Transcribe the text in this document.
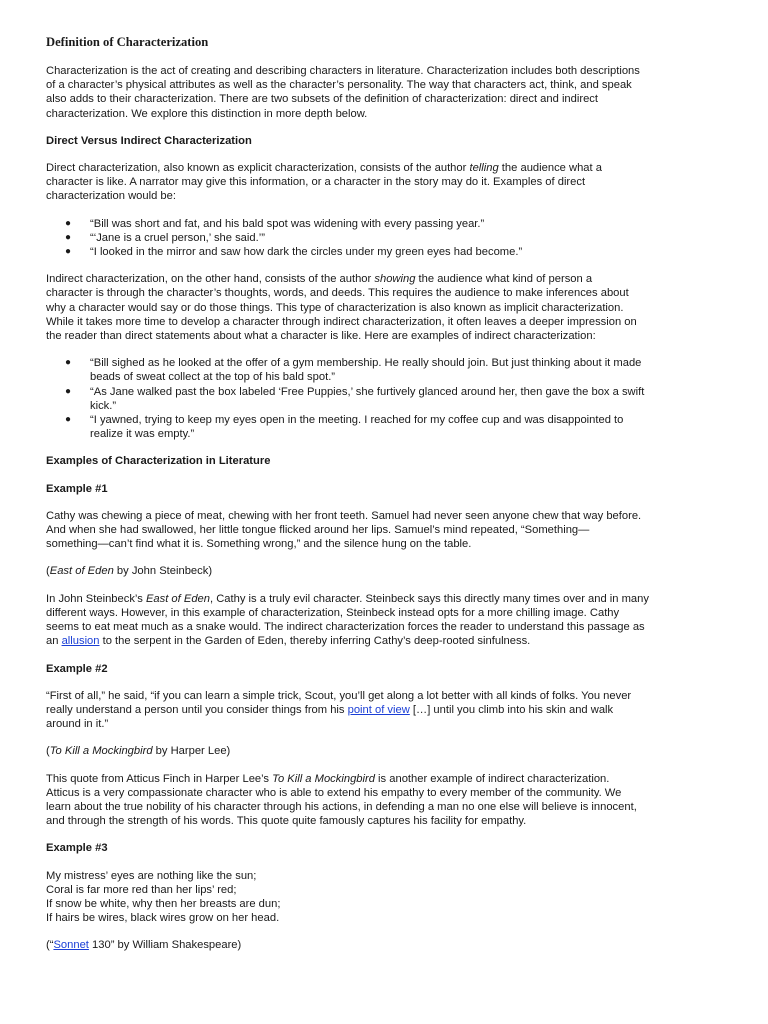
Definition of Characterization

Characterization is the act of creating and describing characters in literature. Characterization includes both descriptions
of a character’s physical attributes as well as the character’s personality. The way that characters act, think, and speak
also adds to their characterization. There are two subsets of the definition of characterization: direct and indirect
characterization. We explore this distinction in more depth below.

Direct Versus Indirect Characterization

Direct characterization, also known as explicit characterization, consists of the author telling the audience what a
character is like. A narrator may give this information, or a character in the story may do it. Examples of direct
characterization would be:

● “Bill was short and fat, and his bald spot was widening with every passing year.”
● “‘Jane is a cruel person,’ she said.’”
● “I looked in the mirror and saw how dark the circles under my green eyes had become.”

Indirect characterization, on the other hand, consists of the author showing the audience what kind of person a
character is through the character’s thoughts, words, and deeds. This requires the audience to make inferences about
why a character would say or do those things. This type of characterization is also known as implicit characterization.
While it takes more time to develop a character through indirect characterization, it often leaves a deeper impression on
the reader than direct statements about what a character is like. Here are examples of indirect characterization:

● “Bill sighed as he looked at the offer of a gym membership. He really should join. But just thinking about it made
beads of sweat collect at the top of his bald spot.”
● “As Jane walked past the box labeled ‘Free Puppies,’ she furtively glanced around her, then gave the box a swift
kick.”
● “I yawned, trying to keep my eyes open in the meeting. I reached for my coffee cup and was disappointed to
realize it was empty.”
Examples of Characterization in Literature
Example #1

Cathy was chewing a piece of meat, chewing with her front teeth. Samuel had never seen anyone chew that way before.
And when she had swallowed, her little tongue flicked around her lips. Samuel’s mind repeated, “Something—
something—can’t find what it is. Something wrong,” and the silence hung on the table.

(East of Eden by John Steinbeck)

In John Steinbeck’s East of Eden, Cathy is a truly evil character. Steinbeck says this directly many times over and in many
different ways. However, in this example of characterization, Steinbeck instead opts for a more chilling image. Cathy
seems to eat meat much as a snake would. The indirect characterization forces the reader to understand this passage as
an allusion to the serpent in the Garden of Eden, thereby inferring Cathy’s deep-rooted sinfulness.

Example #2

“First of all,” he said, “if you can learn a simple trick, Scout, you’ll get along a lot better with all kinds of folks. You never
really understand a person until you consider things from his point of view […] until you climb into his skin and walk
around in it.”

(To Kill a Mockingbird by Harper Lee)

This quote from Atticus Finch in Harper Lee’s To Kill a Mockingbird is another example of indirect characterization.
Atticus is a very compassionate character who is able to extend his empathy to every member of the community. We
learn about the true nobility of his character through his actions, in defending a man no one else will believe is innocent,
and through the strength of his words. This quote quite famously captures his facility for empathy.

Example #3

My mistress’ eyes are nothing like the sun;
Coral is far more red than her lips’ red;
If snow be white, why then her breasts are dun;
If hairs be wires, black wires grow on her head.

(“Sonnet 130” by William Shakespeare)
